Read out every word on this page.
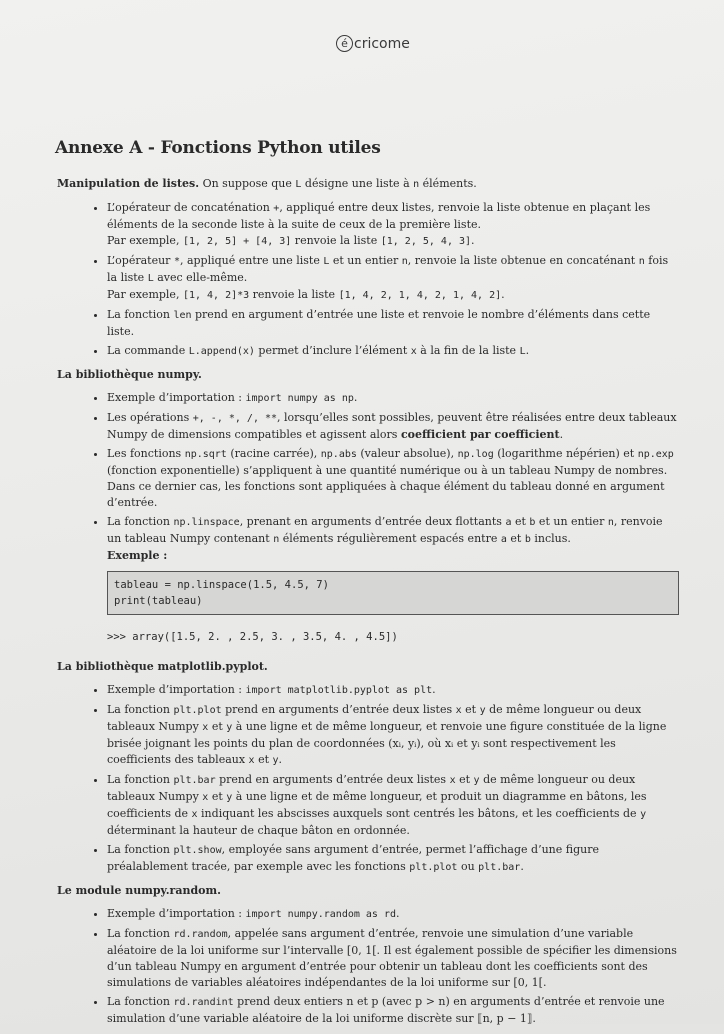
é cricome
Annexe A - Fonctions Python utiles
Manipulation de listes. On suppose que L désigne une liste à n éléments.
• L’opérateur de concaténation +, appliqué entre deux listes, renvoie la liste obtenue en plaçant les éléments de la seconde liste à la suite de ceux de la première liste.
Par exemple, [1, 2, 5] + [4, 3] renvoie la liste [1, 2, 5, 4, 3].
• L’opérateur *, appliqué entre une liste L et un entier n, renvoie la liste obtenue en concaténant n fois la liste L avec elle-même.
Par exemple, [1, 4, 2]*3 renvoie la liste [1, 4, 2, 1, 4, 2, 1, 4, 2].
• La fonction len prend en argument d’entrée une liste et renvoie le nombre d’éléments dans cette liste.
• La commande L.append(x) permet d’inclure l’élément x à la fin de la liste L.
La bibliothèque numpy.
• Exemple d’importation : import numpy as np.
• Les opérations +, -, *, /, **, lorsqu’elles sont possibles, peuvent être réalisées entre deux tableaux Numpy de dimensions compatibles et agissent alors coefficient par coefficient.
• Les fonctions np.sqrt (racine carrée), np.abs (valeur absolue), np.log (logarithme népérien) et np.exp (fonction exponentielle) s’appliquent à une quantité numérique ou à un tableau Numpy de nombres. Dans ce dernier cas, les fonctions sont appliquées à chaque élément du tableau donné en argument d’entrée.
• La fonction np.linspace, prenant en arguments d’entrée deux flottants a et b et un entier n, renvoie un tableau Numpy contenant n éléments régulièrement espacés entre a et b inclus.
Exemple :
tableau = np.linspace(1.5, 4.5, 7)
print(tableau)
>>> array([1.5, 2. , 2.5, 3. , 3.5, 4. , 4.5])
La bibliothèque matplotlib.pyplot.
• Exemple d’importation : import matplotlib.pyplot as plt.
• La fonction plt.plot prend en arguments d’entrée deux listes x et y de même longueur ou deux tableaux Numpy x et y à une ligne et de même longueur, et renvoie une figure constituée de la ligne brisée joignant les points du plan de coordonnées (xᵢ, yᵢ), où xᵢ et yᵢ sont respectivement les coefficients des tableaux x et y.
• La fonction plt.bar prend en arguments d’entrée deux listes x et y de même longueur ou deux tableaux Numpy x et y à une ligne et de même longueur, et produit un diagramme en bâtons, les coefficients de x indiquant les abscisses auxquels sont centrés les bâtons, et les coefficients de y déterminant la hauteur de chaque bâton en ordonnée.
• La fonction plt.show, employée sans argument d’entrée, permet l’affichage d’une figure préalablement tracée, par exemple avec les fonctions plt.plot ou plt.bar.
Le module numpy.random.
• Exemple d’importation : import numpy.random as rd.
• La fonction rd.random, appelée sans argument d’entrée, renvoie une simulation d’une variable aléatoire de la loi uniforme sur l’intervalle [0, 1[. Il est également possible de spécifier les dimensions d’un tableau Numpy en argument d’entrée pour obtenir un tableau dont les coefficients sont des simulations de variables aléatoires indépendantes de la loi uniforme sur [0, 1[.
• La fonction rd.randint prend deux entiers n et p (avec p > n) en arguments d’entrée et renvoie une simulation d’une variable aléatoire de la loi uniforme discrète sur ⟦n, p − 1⟧.
